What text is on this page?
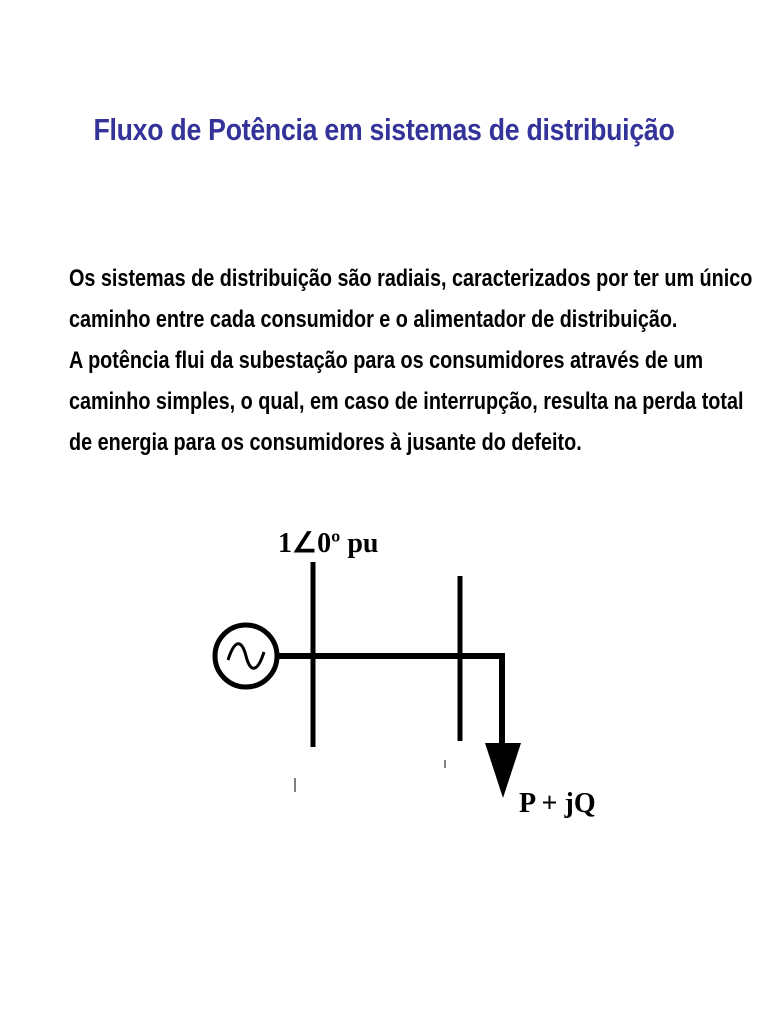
Fluxo de Potência em sistemas de distribuição
Os sistemas de distribuição são radiais, caracterizados por ter um único
caminho entre cada consumidor e o alimentador de distribuição.
A potência flui da subestação para os consumidores através de um
caminho simples, o qual, em caso de interrupção, resulta na perda total
de energia para os consumidores à jusante do defeito.
1∠0º pu
P + jQ
